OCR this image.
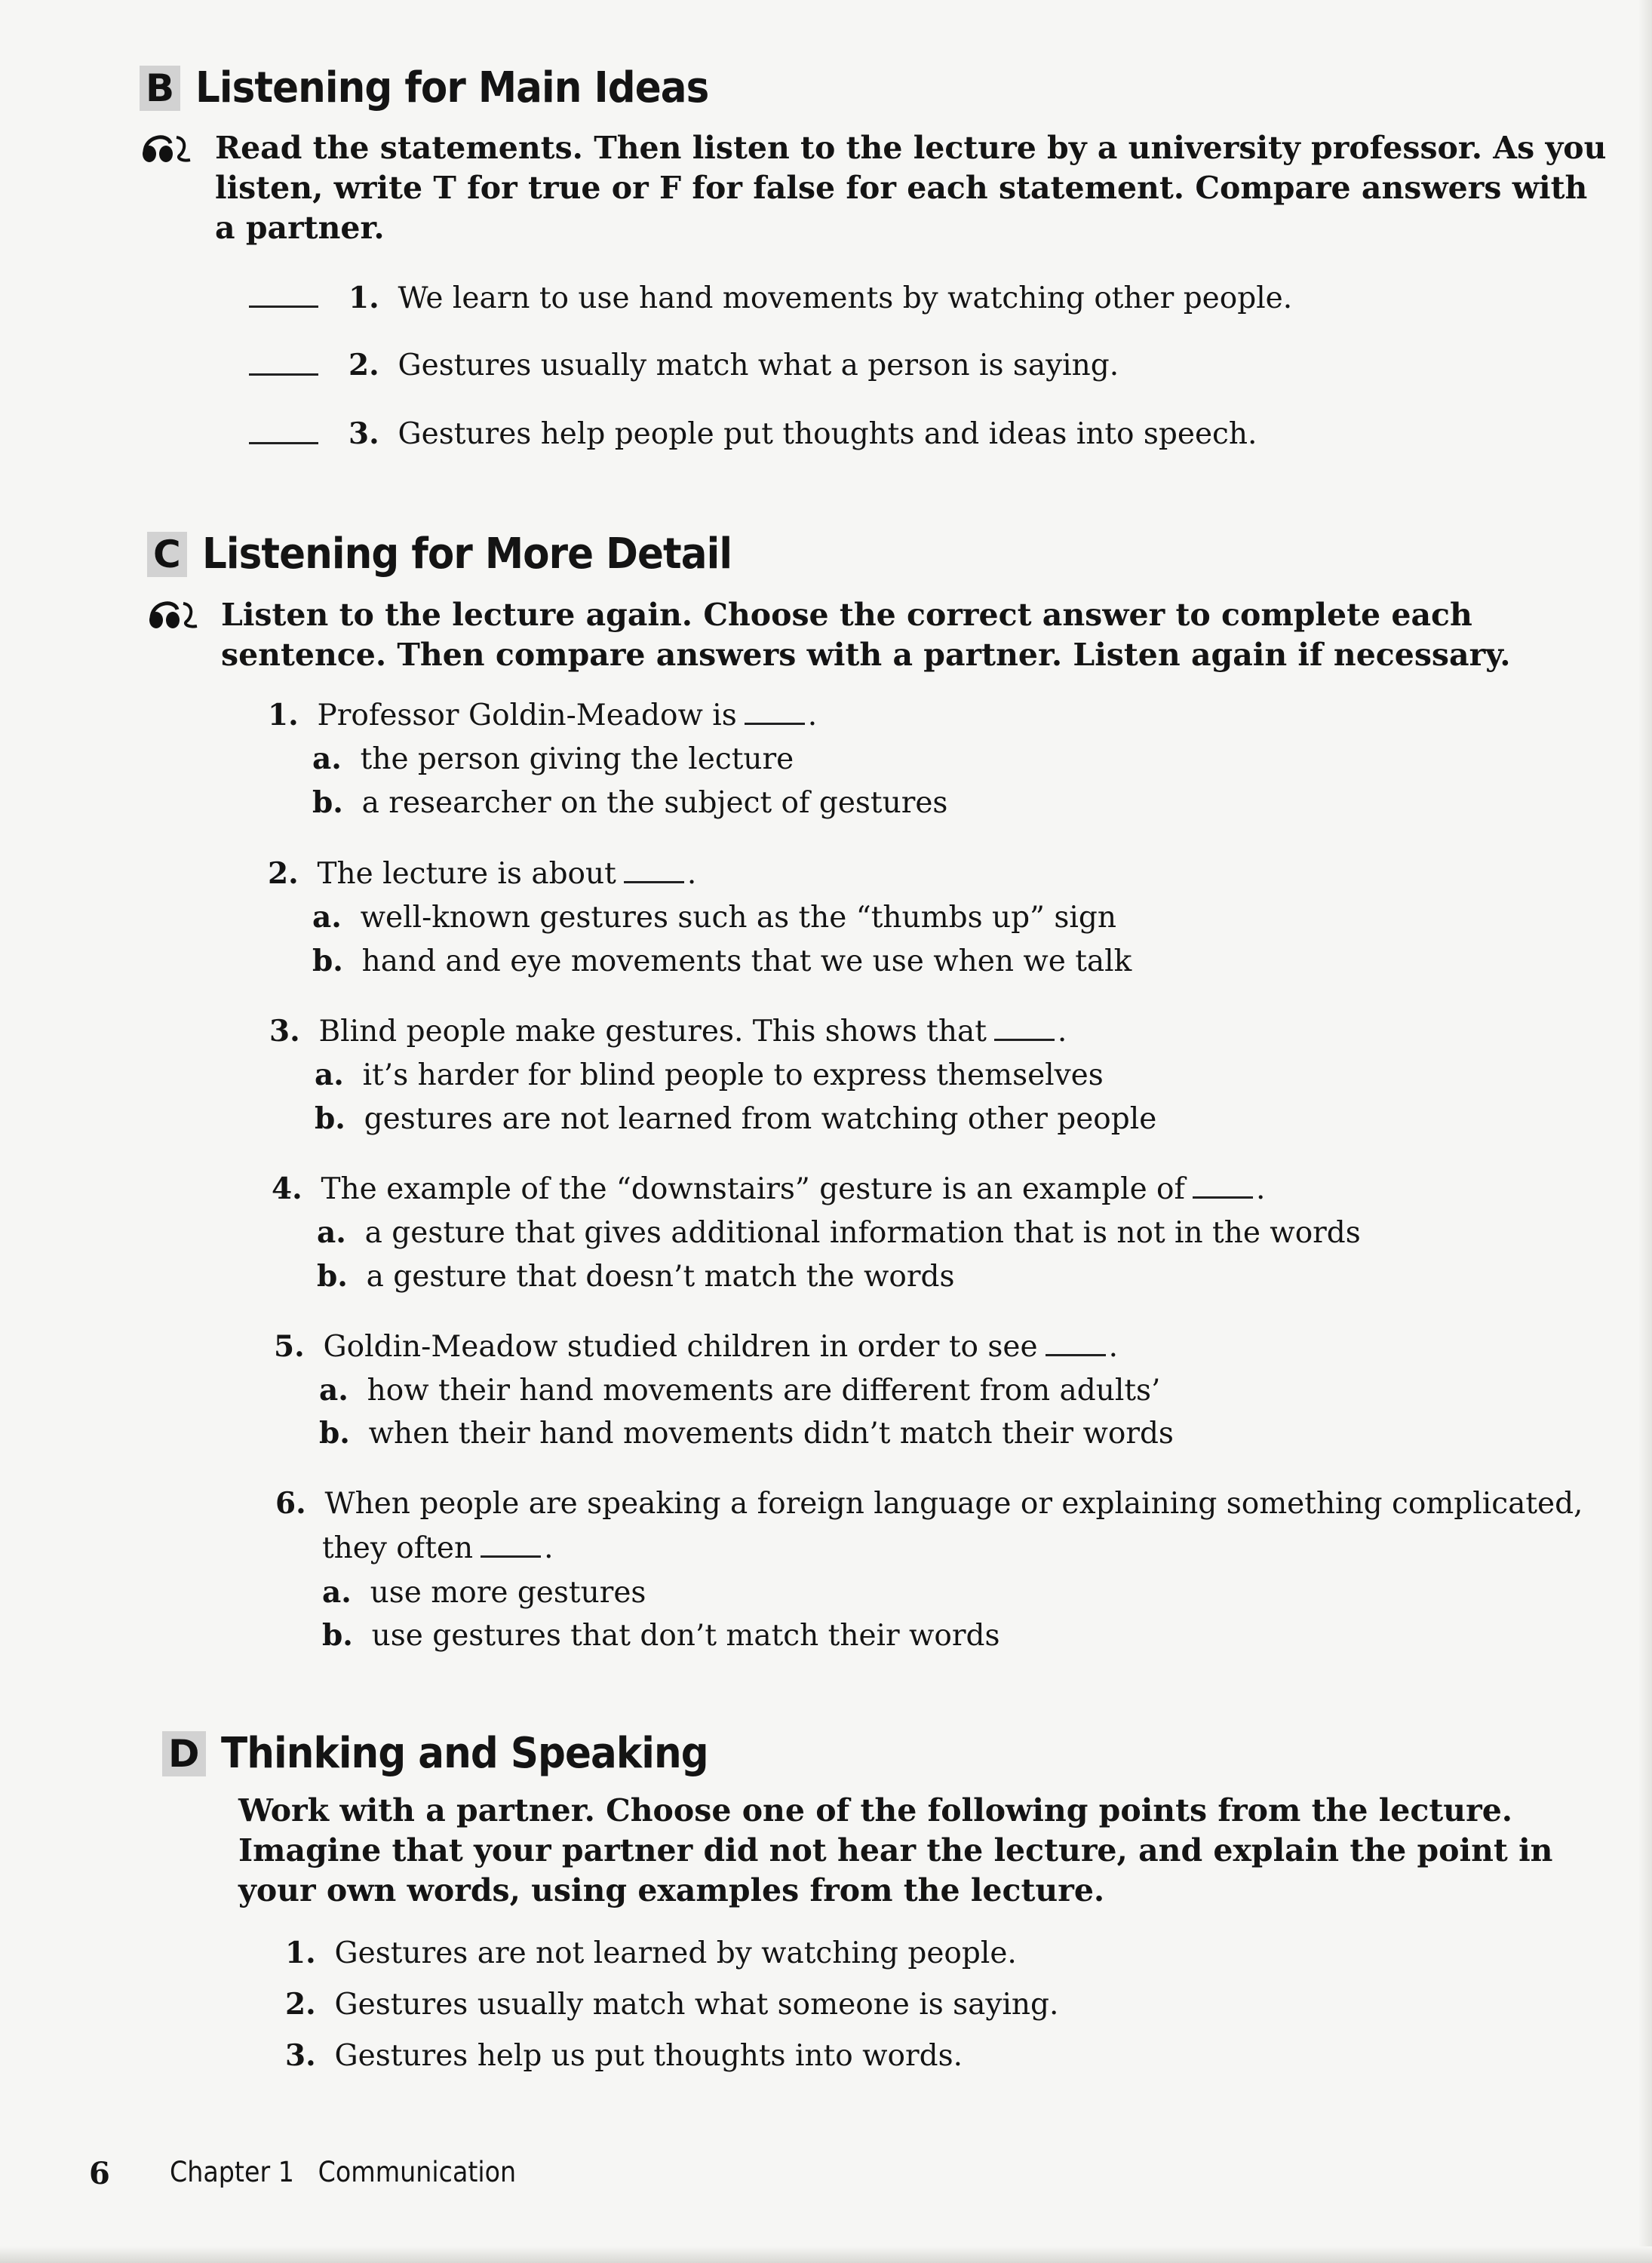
B Listening for Main Ideas
Read the statements. Then listen to the lecture by a university professor. As you
listen, write T for true or F for false for each statement. Compare answers with
a partner.
1. We learn to use hand movements by watching other people.
2. Gestures usually match what a person is saying.
3. Gestures help people put thoughts and ideas into speech.
C Listening for More Detail
Listen to the lecture again. Choose the correct answer to complete each
sentence. Then compare answers with a partner. Listen again if necessary.
1. Professor Goldin-Meadow is .
a. the person giving the lecture
b. a researcher on the subject of gestures
2. The lecture is about .
a. well-known gestures such as the “thumbs up” sign
b. hand and eye movements that we use when we talk
3. Blind people make gestures. This shows that .
a. it’s harder for blind people to express themselves
b. gestures are not learned from watching other people
4. The example of the “downstairs” gesture is an example of .
a. a gesture that gives additional information that is not in the words
b. a gesture that doesn’t match the words
5. Goldin-Meadow studied children in order to see .
a. how their hand movements are different from adults’
b. when their hand movements didn’t match their words
6. When people are speaking a foreign language or explaining something complicated,
they often .
a. use more gestures
b. use gestures that don’t match their words
D Thinking and Speaking
Work with a partner. Choose one of the following points from the lecture.
Imagine that your partner did not hear the lecture, and explain the point in
your own words, using examples from the lecture.
1. Gestures are not learned by watching people.
2. Gestures usually match what someone is saying.
3. Gestures help us put thoughts into words.
6 Chapter 1 Communication
